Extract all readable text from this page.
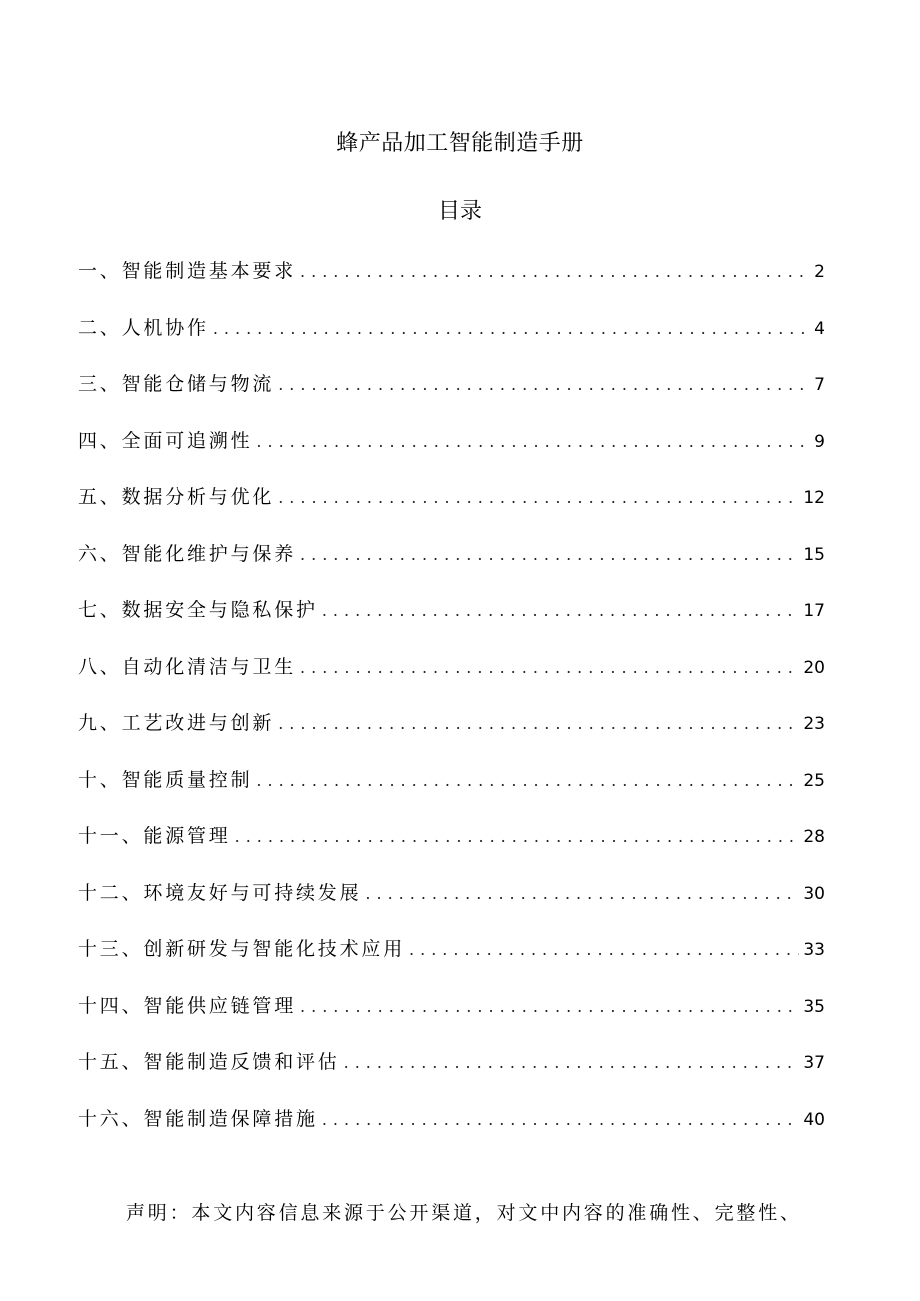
蜂产品加工智能制造手册
目录
一、智能制造基本要求 .....	2
二、人机协作 .....	4
三、智能仓储与物流 .....	7
四、全面可追溯性 .....	9
五、数据分析与优化 .....	12
六、智能化维护与保养 .....	15
七、数据安全与隐私保护 .....	17
八、自动化清洁与卫生 .....	20
九、工艺改进与创新 .....	23
十、智能质量控制 .....	25
十一、能源管理 .....	28
十二、环境友好与可持续发展 .....	30
十三、创新研发与智能化技术应用 .....	33
十四、智能供应链管理 .....	35
十五、智能制造反馈和评估 .....	37
十六、智能制造保障措施 .....	40

声明：本文内容信息来源于公开渠道，对文中内容的准确性、完整性、
